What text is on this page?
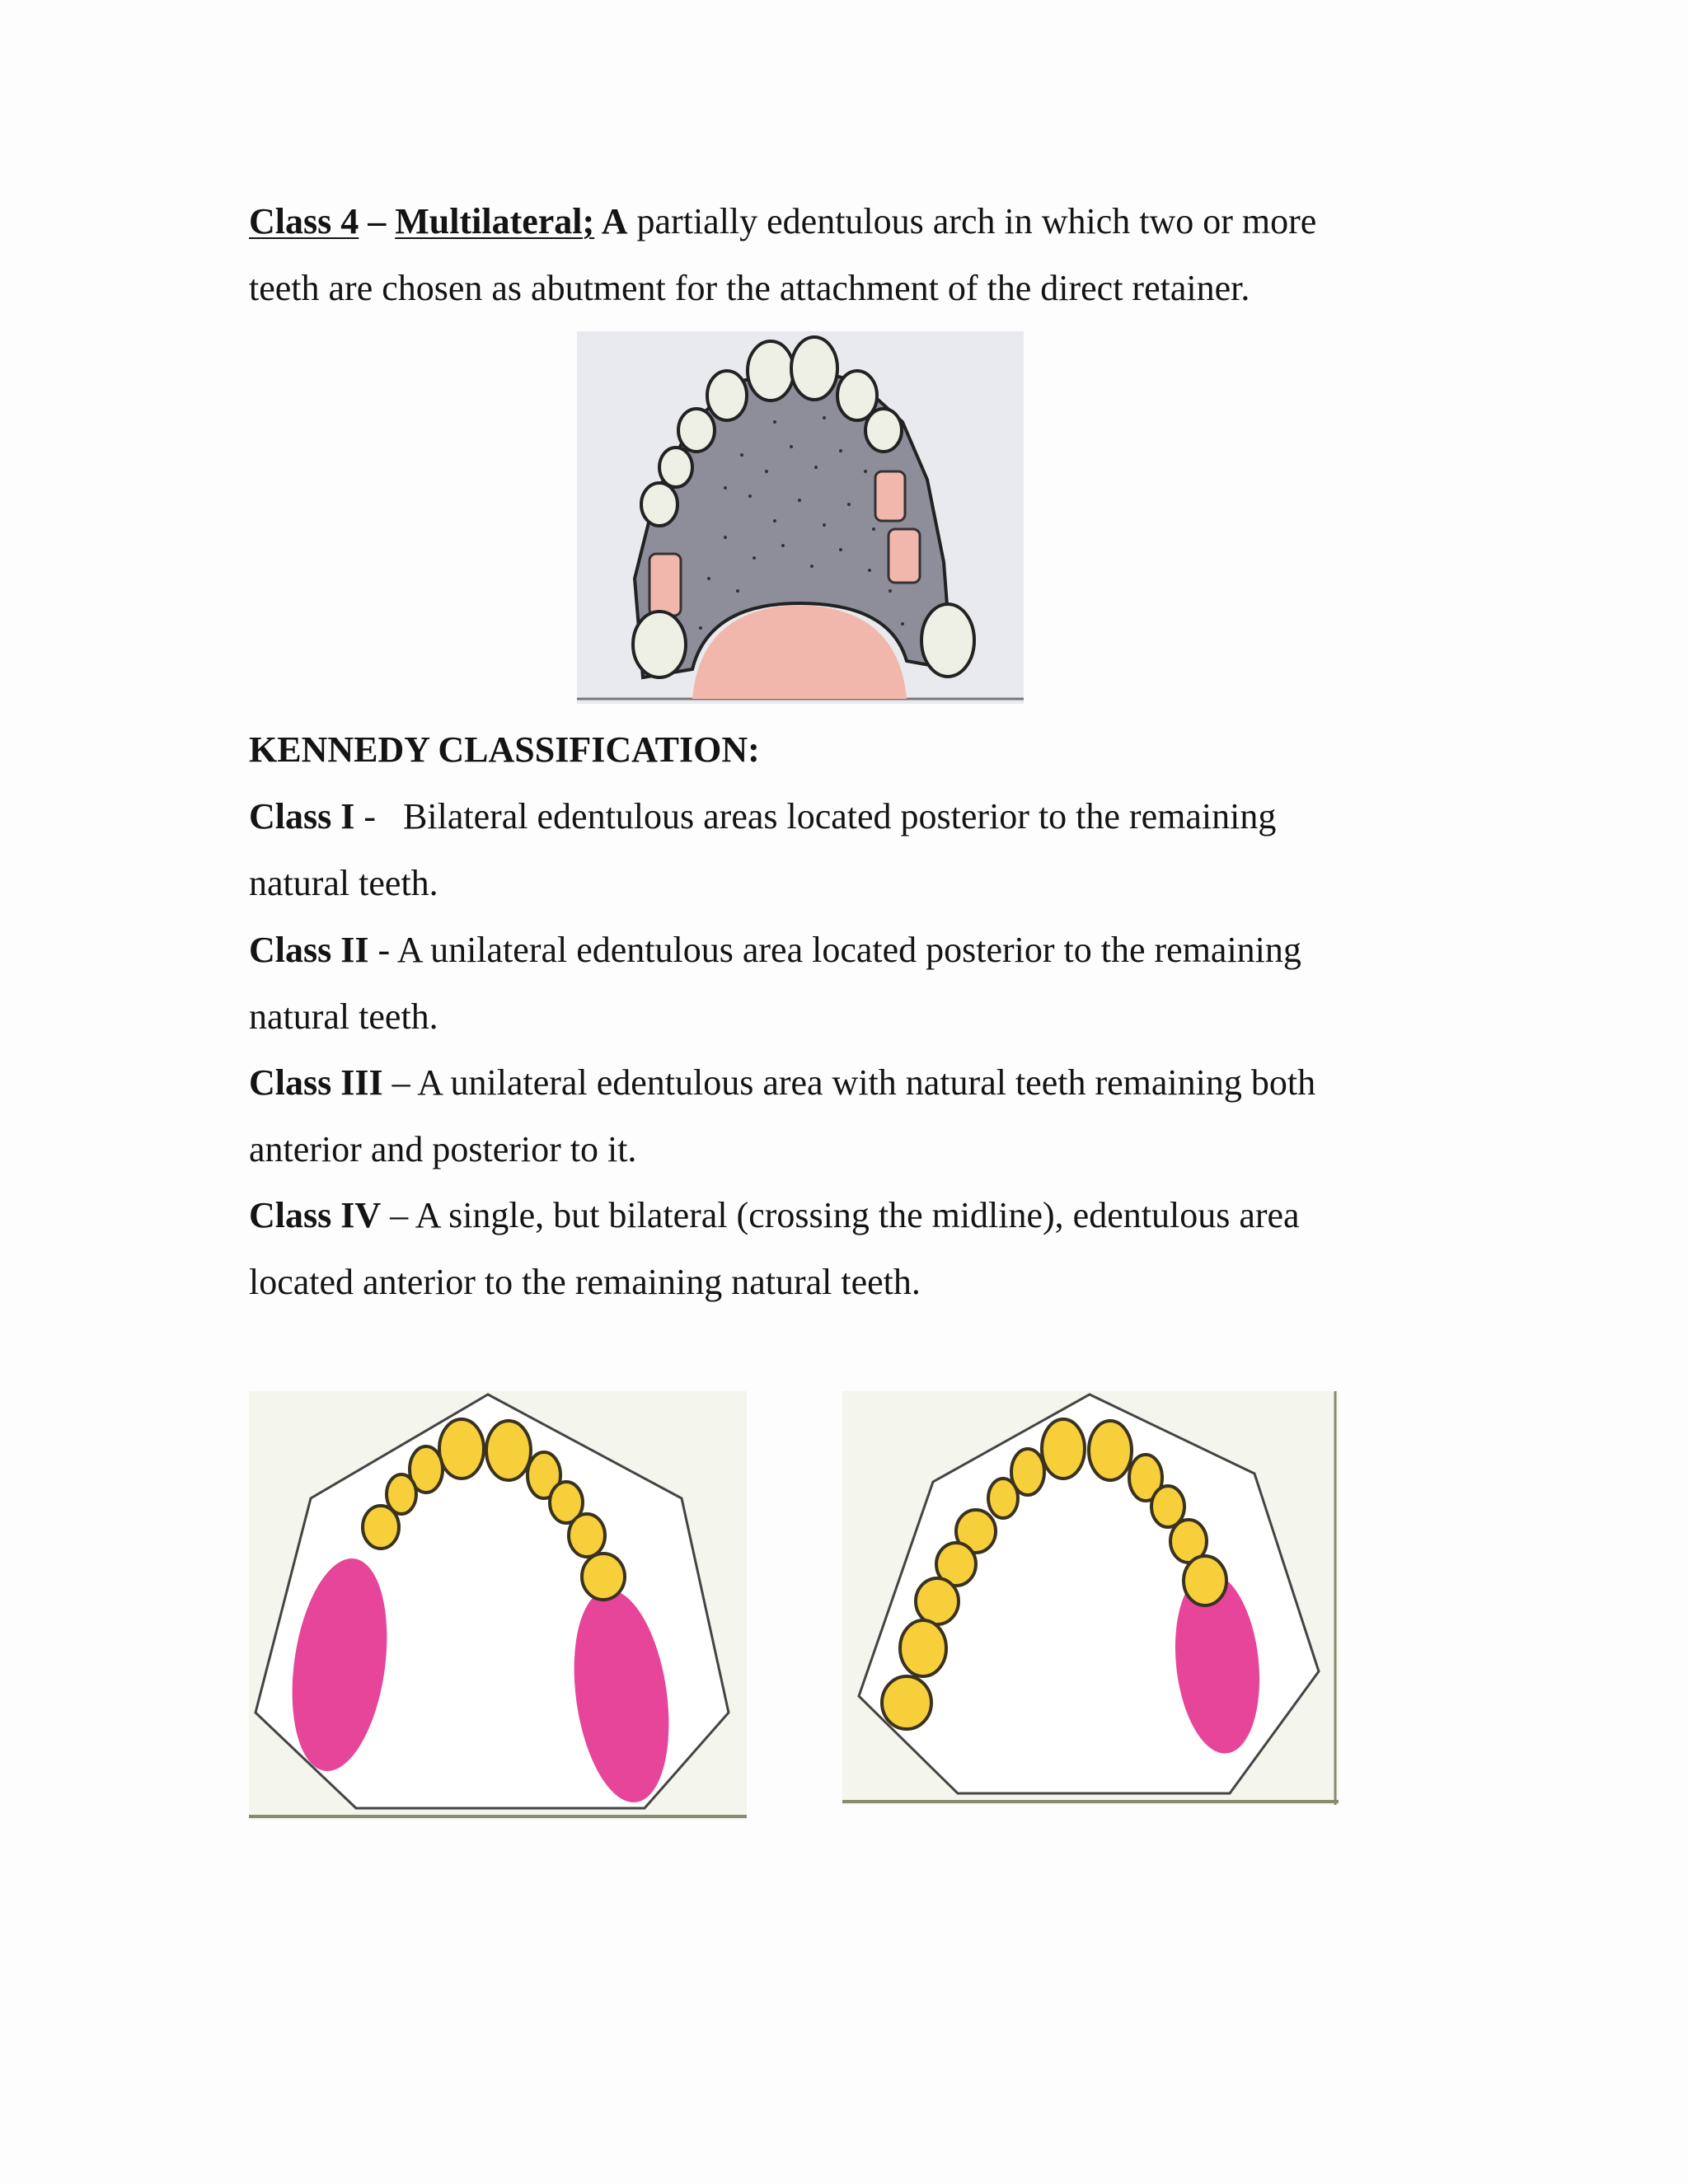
Class 4 – Multilateral; A partially edentulous arch in which two or more
teeth are chosen as abutment for the attachment of the direct retainer.

KENNEDY CLASSIFICATION:

Class I -   Bilateral edentulous areas located posterior to the remaining
natural teeth.

Class II - A unilateral edentulous area located posterior to the remaining
natural teeth.

Class III – A unilateral edentulous area with natural teeth remaining both
anterior and posterior to it.

Class IV – A single, but bilateral (crossing the midline), edentulous area
located anterior to the remaining natural teeth.
